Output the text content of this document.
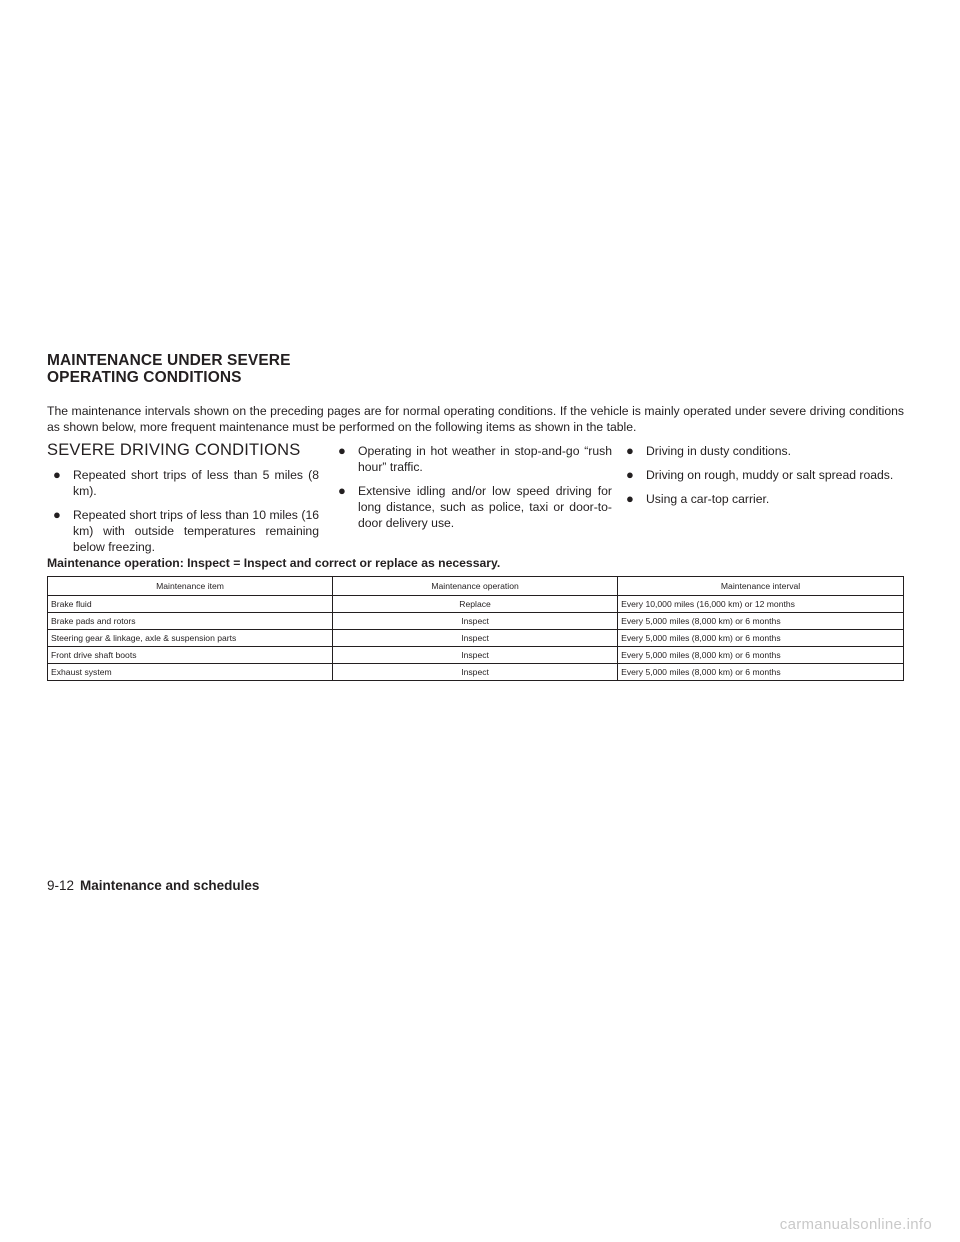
MAINTENANCE UNDER SEVERE
OPERATING CONDITIONS

The maintenance intervals shown on the preceding pages are for normal operating conditions. If the vehicle is mainly operated under severe driving conditions as shown below, more frequent maintenance must be performed on the following items as shown in the table.

SEVERE DRIVING CONDITIONS
● Repeated short trips of less than 5 miles (8 km).
● Repeated short trips of less than 10 miles (16 km) with outside temperatures remaining below freezing.
● Operating in hot weather in stop-and-go “rush hour” traffic.
● Extensive idling and/or low speed driving for long distance, such as police, taxi or door-to-door delivery use.
● Driving in dusty conditions.
● Driving on rough, muddy or salt spread roads.
● Using a car-top carrier.

Maintenance operation: Inspect = Inspect and correct or replace as necessary.

Maintenance item	Maintenance operation	Maintenance interval
Brake fluid	Replace	Every 10,000 miles (16,000 km) or 12 months
Brake pads and rotors	Inspect	Every 5,000 miles (8,000 km) or 6 months
Steering gear & linkage, axle & suspension parts	Inspect	Every 5,000 miles (8,000 km) or 6 months
Front drive shaft boots	Inspect	Every 5,000 miles (8,000 km) or 6 months
Exhaust system	Inspect	Every 5,000 miles (8,000 km) or 6 months

9-12 Maintenance and schedules

carmanualsonline.info
